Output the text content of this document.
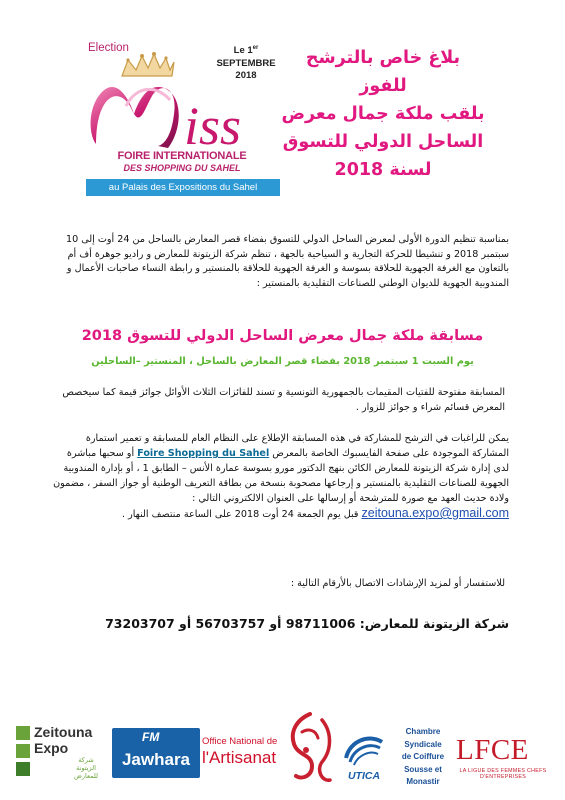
Election	Le 1er
SEPTEMBRE
2018
iss
FOIRE INTERNATIONALE
DES SHOPPING DU SAHEL
au Palais des Expositions du Sahel
بلاغ خاص بالترشح
للفوز
بلقب ملكة جمال معرض
الساحل الدولي للتسوق
لسنة 2018
بمناسبة تنظيم الدورة الأولى لمعرض الساحل الدولي للتسوق بفضاء قصر المعارض بالساحل من 24 أوت إلى 10 سبتمبر 2018 و تنشيطا للحركة التجارية و السياحية بالجهة ، تنظم شركة الزيتونة للمعارض و راديو جوهرة أف أم بالتعاون مع الغرفة الجهوية للحلاقة بسوسة و الغرفة الجهوية للحلاقة بالمنستير و رابطة النساء صاحبات الأعمال و المندوبية الجهوية للديوان الوطني للصناعات التقليدية بالمنستير :
مسابقة ملكة جمال معرض الساحل الدولي للتسوق 2018
يوم السبت 1 سبتمبر 2018 بفضاء قصر المعارض بالساحل ، المنستير –الساحلين
المسابقة مفتوحة للفتيات المقيمات بالجمهورية التونسية و تسند للفائزات الثلاث الأوائل جوائز قيمة كما سيخصص المعرض قسائم شراء و جوائز للزوار .
يمكن للراغبات في الترشح للمشاركة في هذه المسابقة الإطلاع على النظام العام للمسابقة و تعمير استمارة المشاركة الموجودة على صفحة الفايسبوك الخاصة بالمعرض Foire Shopping du Sahel أو سحبها مباشرة لدى إدارة شركة الزيتونة للمعارض الكائن بنهج الدكتور مورو بسوسة عمارة الأنس – الطابق 1 ، أو بإدارة المندوبية الجهوية للصناعات التقليدية بالمنستير و إرجاعها مصحوبة بنسخة من بطاقة التعريف الوطنية أو جواز السفر ، مضمون ولادة حديث العهد مع صورة للمترشحة أو إرسالها على العنوان الالكتروني التالي : zeitouna.expo@gmail.com قبل يوم الجمعة 24 أوت 2018 على الساعة منتصف النهار .
للاستفسار أو لمزيد الإرشادات الاتصال بالأرقام التالية :
شركة الزيتونة للمعارض: 98711006 أو 56703757 أو 73203707
Zeitouna
Expo
شركة الزيتونة للمعارض
FM
Jawhara
Office National de
l'Artisanat
UTICA
Chambre Syndicale
de Coiffure
Sousse et Monastir
LFCE
LA LIGUE DES FEMMES CHEFS D'ENTREPRISES
